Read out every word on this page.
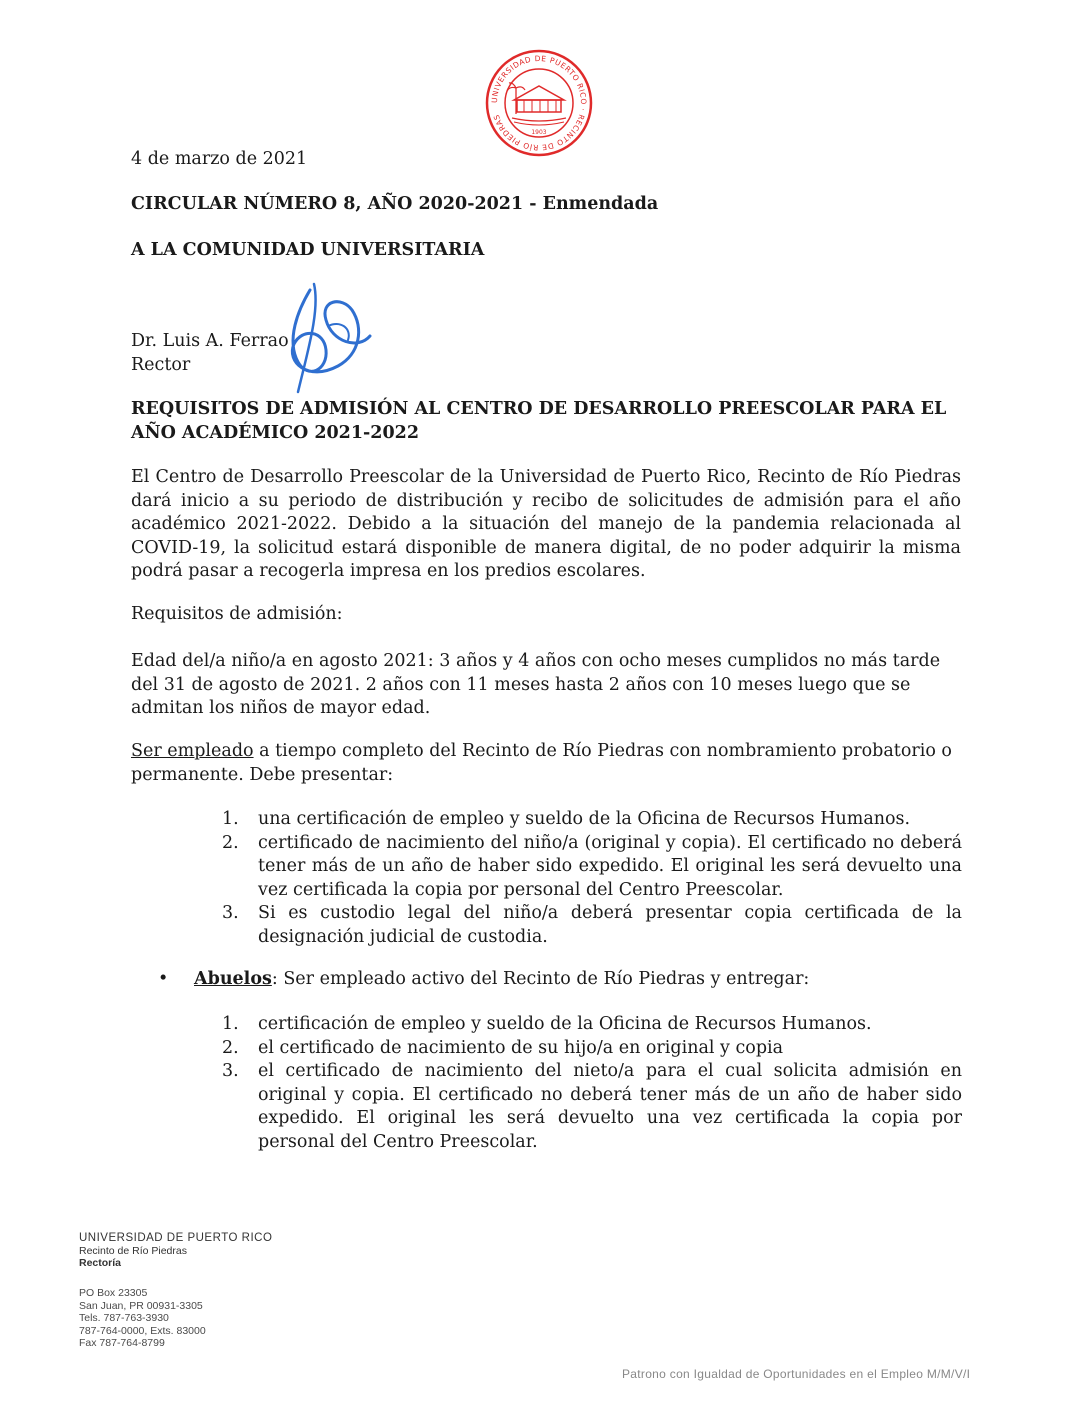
UNIVERSIDAD DE PUERTO RICO · RECINTO DE RÍO PIEDRAS
1903
4 de marzo de 2021
CIRCULAR NÚMERO 8, AÑO 2020-2021 - Enmendada
A LA COMUNIDAD UNIVERSITARIA
Dr. Luis A. Ferrao
Rector
REQUISITOS DE ADMISIÓN AL CENTRO DE DESARROLLO PREESCOLAR PARA EL AÑO ACADÉMICO 2021-2022
El Centro de Desarrollo Preescolar de la Universidad de Puerto Rico, Recinto de Río Piedras dará inicio a su periodo de distribución y recibo de solicitudes de admisión para el año académico 2021-2022. Debido a la situación del manejo de la pandemia relacionada al COVID-19, la solicitud estará disponible de manera digital, de no poder adquirir la misma podrá pasar a recogerla impresa en los predios escolares.
Requisitos de admisión:
Edad del/a niño/a en agosto 2021: 3 años y 4 años con ocho meses cumplidos no más tarde del 31 de agosto de 2021. 2 años con 11 meses hasta 2 años con 10 meses luego que se admitan los niños de mayor edad.
Ser empleado a tiempo completo del Recinto de Río Piedras con nombramiento probatorio o permanente. Debe presentar:
1. una certificación de empleo y sueldo de la Oficina de Recursos Humanos.
2. certificado de nacimiento del niño/a (original y copia). El certificado no deberá tener más de un año de haber sido expedido. El original les será devuelto una vez certificada la copia por personal del Centro Preescolar.
3. Si es custodio legal del niño/a deberá presentar copia certificada de la designación judicial de custodia.
• Abuelos: Ser empleado activo del Recinto de Río Piedras y entregar:
1. certificación de empleo y sueldo de la Oficina de Recursos Humanos.
2. el certificado de nacimiento de su hijo/a en original y copia
3. el certificado de nacimiento del nieto/a para el cual solicita admisión en original y copia. El certificado no deberá tener más de un año de haber sido expedido. El original les será devuelto una vez certificada la copia por personal del Centro Preescolar.
UNIVERSIDAD DE PUERTO RICO
Recinto de Río Piedras
Rectoría
PO Box 23305
San Juan, PR 00931-3305
Tels. 787-763-3930
787-764-0000, Exts. 83000
Fax 787-764-8799
Patrono con Igualdad de Oportunidades en el Empleo M/M/V/I
